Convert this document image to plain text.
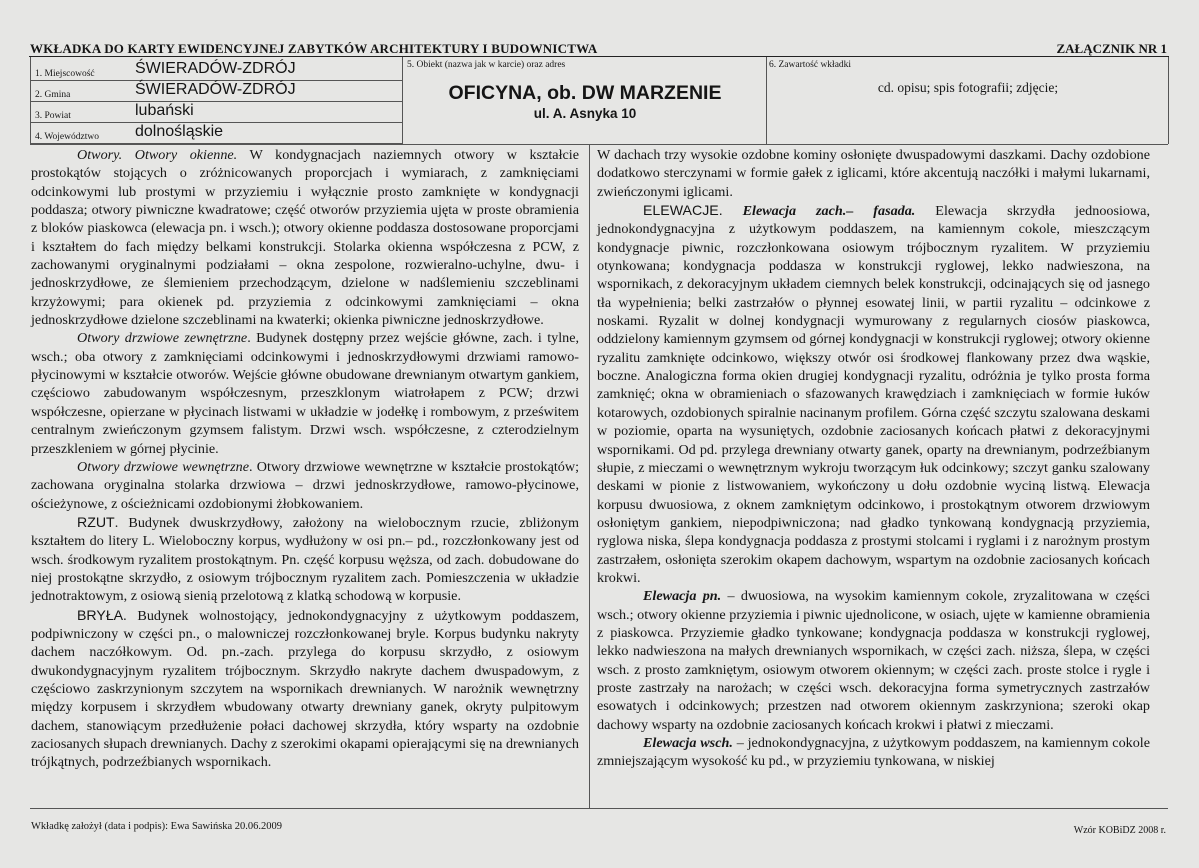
WKŁADKA DO KARTY EWIDENCYJNEJ ZABYTKÓW ARCHITEKTURY I BUDOWNICTWA	ZAŁĄCZNIK NR 1
1. Miejscowość	ŚWIERADÓW-ZDRÓJ
2. Gmina	ŚWIERADÓW-ZDRÓJ
3. Powiat	lubański
4. Województwo dolnośląskie
5. Obiekt (nazwa jak w karcie) oraz adres
OFICYNA, ob. DW MARZENIE
ul. A. Asnyka 10
6. Zawartość wkładki
cd. opisu; spis fotografii; zdjęcie;

Otwory. Otwory okienne. W kondygnacjach naziemnych otwory w kształcie prostokątów stojących o zróżnicowanych proporcjach i wymiarach, z zamknięciami odcinkowymi lub prostymi w przyziemiu i wyłącznie prosto zamknięte w kondygnacji poddasza; otwory piwniczne kwadratowe; część otworów przyziemia ujęta w proste obramienia z bloków piaskowca (elewacja pn. i wsch.); otwory okienne poddasza dostosowane proporcjami i kształtem do fach między belkami konstrukcji. Stolarka okienna współczesna z PCW, z zachowanymi oryginalnymi podziałami – okna zespolone, rozwieralno-uchylne, dwu- i jednoskrzydłowe, ze ślemieniem przechodzącym, dzielone w nadślemieniu szczeblinami krzyżowymi; para okienek pd. przyziemia z odcinkowymi zamknięciami – okna jednoskrzydłowe dzielone szczeblinami na kwaterki; okienka piwniczne jednoskrzydłowe.

Otwory drzwiowe zewnętrzne. Budynek dostępny przez wejście główne, zach. i tylne, wsch.; oba otwory z zamknięciami odcinkowymi i jednoskrzydłowymi drzwiami ramowo-płycinowymi w kształcie otworów. Wejście główne obudowane drewnianym otwartym gankiem, częściowo zabudowanym współczesnym, przeszklonym wiatrołapem z PCW; drzwi współczesne, opierzane w płycinach listwami w układzie w jodełkę i rombowym, z prześwitem centralnym zwieńczonym gzymsem falistym. Drzwi wsch. współczesne, z czterodzielnym przeszkleniem w górnej płycinie.

Otwory drzwiowe wewnętrzne. Otwory drzwiowe wewnętrzne w kształcie prostokątów; zachowana oryginalna stolarka drzwiowa – drzwi jednoskrzydłowe, ramowo-płycinowe, ościeżynowe, z ościeżnicami ozdobionymi żłobkowaniem.

RZUT. Budynek dwuskrzydłowy, założony na wielobocznym rzucie, zbliżonym kształtem do litery L. Wieloboczny korpus, wydłużony w osi pn.– pd., rozczłonkowany jest od wsch. środkowym ryzalitem prostokątnym. Pn. część korpusu węższa, od zach. dobudowane do niej prostokątne skrzydło, z osiowym trójbocznym ryzalitem zach. Pomieszczenia w układzie jednotraktowym, z osiową sienią przelotową z klatką schodową w korpusie.

BRYŁA. Budynek wolnostojący, jednokondygnacyjny z użytkowym poddaszem, podpiwniczony w części pn., o malowniczej rozczłonkowanej bryle. Korpus budynku nakryty dachem naczółkowym. Od. pn.-zach. przylega do korpusu skrzydło, z osiowym dwukondygnacyjnym ryzalitem trójbocznym. Skrzydło nakryte dachem dwuspadowym, z częściowo zaskrzynionym szczytem na wspornikach drewnianych. W narożnik wewnętrzny między korpusem i skrzydłem wbudowany otwarty drewniany ganek, okryty pulpitowym dachem, stanowiącym przedłużenie połaci dachowej skrzydła, który wsparty na ozdobnie zaciosanych słupach drewnianych. Dachy z szerokimi okapami opierającymi się na drewnianych trójkątnych, podrzeźbianych wspornikach.

W dachach trzy wysokie ozdobne kominy osłonięte dwuspadowymi daszkami. Dachy ozdobione dodatkowo sterczynami w formie gałek z iglicami, które akcentują naczółki i małymi lukarnami, zwieńczonymi iglicami.

ELEWACJE. Elewacja zach.– fasada. Elewacja skrzydła jednoosiowa, jednokondygnacyjna z użytkowym poddaszem, na kamiennym cokole, mieszczącym kondygnacje piwnic, rozczłonkowana osiowym trójbocznym ryzalitem. W przyziemiu otynkowana; kondygnacja poddasza w konstrukcji ryglowej, lekko nadwieszona, na wspornikach, z dekoracyjnym układem ciemnych belek konstrukcji, odcinających się od jasnego tła wypełnienia; belki zastrzałów o płynnej esowatej linii, w partii ryzalitu – odcinkowe z noskami. Ryzalit w dolnej kondygnacji wymurowany z regularnych ciosów piaskowca, oddzielony kamiennym gzymsem od górnej kondygnacji w konstrukcji ryglowej; otwory okienne ryzalitu zamknięte odcinkowo, większy otwór osi środkowej flankowany przez dwa wąskie, boczne. Analogiczna forma okien drugiej kondygnacji ryzalitu, odróżnia je tylko prosta forma zamknięć; okna w obramieniach o sfazowanych krawędziach i zamknięciach w formie łuków kotarowych, ozdobionych spiralnie nacinanym profilem. Górna część szczytu szalowana deskami w poziomie, oparta na wysuniętych, ozdobnie zaciosanych końcach płatwi z dekoracyjnymi wspornikami. Od pd. przylega drewniany otwarty ganek, oparty na drewnianym, podrzeźbianym słupie, z mieczami o wewnętrznym wykroju tworzącym łuk odcinkowy; szczyt ganku szalowany deskami w pionie z listwowaniem, wykończony u dołu ozdobnie wyciną listwą. Elewacja korpusu dwuosiowa, z oknem zamkniętym odcinkowo, i prostokątnym otworem drzwiowym osłoniętym gankiem, niepodpiwniczona; nad gładko tynkowaną kondygnacją przyziemia, ryglowa niska, ślepa kondygnacja poddasza z prostymi stolcami i ryglami i z narożnym prostym zastrzałem, osłonięta szerokim okapem dachowym, wspartym na ozdobnie zaciosanych końcach krokwi.

Elewacja pn. – dwuosiowa, na wysokim kamiennym cokole, zryzalitowana w części wsch.; otwory okienne przyziemia i piwnic ujednolicone, w osiach, ujęte w kamienne obramienia z piaskowca. Przyziemie gładko tynkowane; kondygnacja poddasza w konstrukcji ryglowej, lekko nadwieszona na małych drewnianych wspornikach, w części zach. niższa, ślepa, w części wsch. z prosto zamkniętym, osiowym otworem okiennym; w części zach. proste stolce i rygle i proste zastrzały na narożach; w części wsch. dekoracyjna forma symetrycznych zastrzałów esowatych i odcinkowych; przestzen nad otworem okiennym zaskrzyniona; szeroki okap dachowy wsparty na ozdobnie zaciosanych końcach krokwi i płatwi z mieczami.

Elewacja wsch. – jednokondygnacyjna, z użytkowym poddaszem, na kamiennym cokole zmniejszającym wysokość ku pd., w przyziemiu tynkowana, w niskiej

Wkładkę założył (data i podpis): Ewa Sawińska 20.06.2009	Wzór KOBiDZ 2008 r.
